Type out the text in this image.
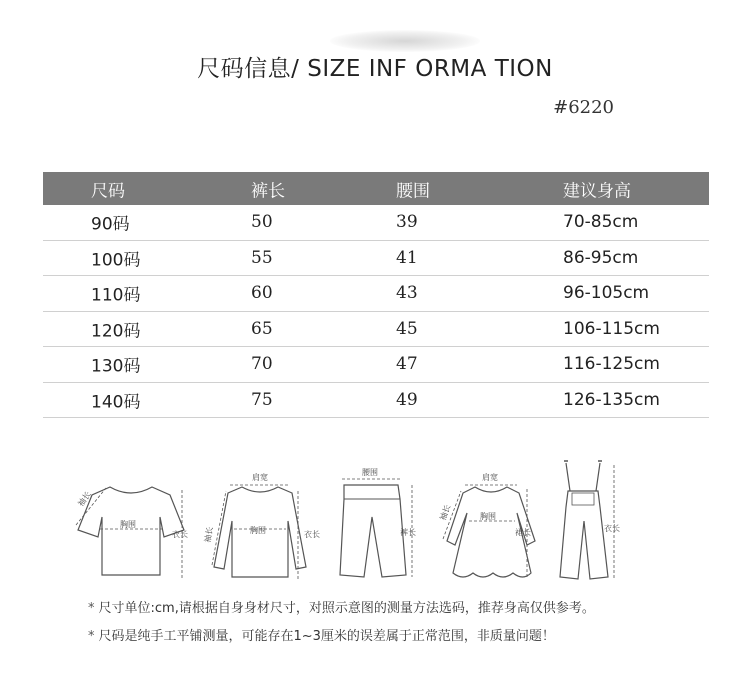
尺码信息/ SIZE INF ORMA TION
#6220
尺码	裤长	腰围	建议身高
90码	50	39	70-85cm
100码	55	41	86-95cm
110码	60	43	96-105cm
120码	65	45	106-115cm
130码	70	47	116-125cm
140码	75	49	126-135cm
袖长
胸围
衣长
肩宽
胸围	衣长
袖长
腰围
裤长
肩宽
胸围
裙长
袖长
衣长
* 尺寸单位:cm,请根据自身身材尺寸，对照示意图的测量方法选码，推荐身高仅供参考。
* 尺码是纯手工平铺测量，可能存在1~3厘米的误差属于正常范围，非质量问题！
